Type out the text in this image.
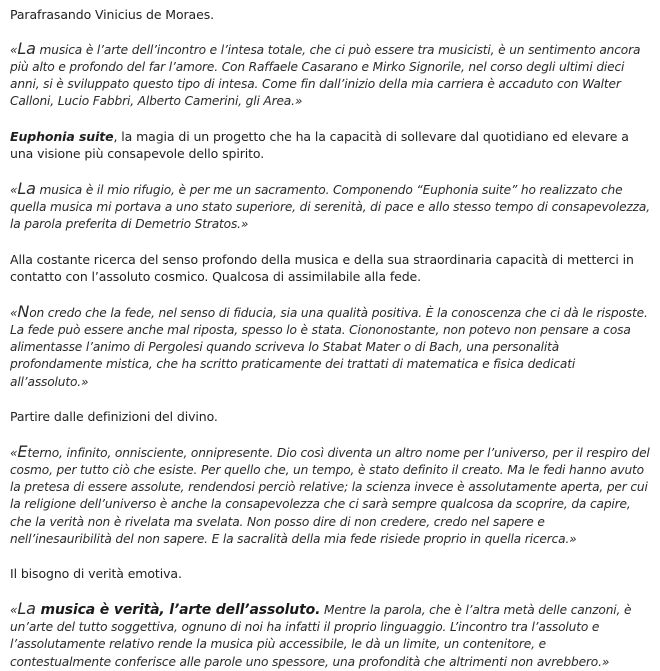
Parafrasando Vinicius de Moraes.

«La musica è l’arte dell’incontro e l’intesa totale, che ci può essere tra musicisti, è un sentimento ancora più alto e profondo del far l’amore. Con Raffaele Casarano e Mirko Signorile, nel corso degli ultimi dieci anni, si è sviluppato questo tipo di intesa. Come fin dall’inizio della mia carriera è accaduto con Walter Calloni, Lucio Fabbri, Alberto Camerini, gli Area.»

Euphonia suite, la magia di un progetto che ha la capacità di sollevare dal quotidiano ed elevare a una visione più consapevole dello spirito.

«La musica è il mio rifugio, è per me un sacramento. Componendo “Euphonia suite” ho realizzato che quella musica mi portava a uno stato superiore, di serenità, di pace e allo stesso tempo di consapevolezza, la parola preferita di Demetrio Stratos.»

Alla costante ricerca del senso profondo della musica e della sua straordinaria capacità di metterci in contatto con l’assoluto cosmico. Qualcosa di assimilabile alla fede.

«Non credo che la fede, nel senso di fiducia, sia una qualità positiva. È la conoscenza che ci dà le risposte. La fede può essere anche mal riposta, spesso lo è stata. Ciononostante, non potevo non pensare a cosa alimentasse l’animo di Pergolesi quando scriveva lo Stabat Mater o di Bach, una personalità profondamente mistica, che ha scritto praticamente dei trattati di matematica e fisica dedicati all’assoluto.»

Partire dalle definizioni del divino.

«Eterno, infinito, onnisciente, onnipresente. Dio così diventa un altro nome per l’universo, per il respiro del cosmo, per tutto ciò che esiste. Per quello che, un tempo, è stato definito il creato. Ma le fedi hanno avuto la pretesa di essere assolute, rendendosi perciò relative; la scienza invece è assolutamente aperta, per cui la religione dell’universo è anche la consapevolezza che ci sarà sempre qualcosa da scoprire, da capire, che la verità non è rivelata ma svelata. Non posso dire di non credere, credo nel sapere e nell’inesauribilità del non sapere. E la sacralità della mia fede risiede proprio in quella ricerca.»

Il bisogno di verità emotiva.

«La musica è verità, l’arte dell’assoluto. Mentre la parola, che è l’altra metà delle canzoni, è un’arte del tutto soggettiva, ognuno di noi ha infatti il proprio linguaggio. L’incontro tra l’assoluto e l’assolutamente relativo rende la musica più accessibile, le dà un limite, un contenitore, e contestualmente conferisce alle parole uno spessore, una profondità che altrimenti non avrebbero.»
